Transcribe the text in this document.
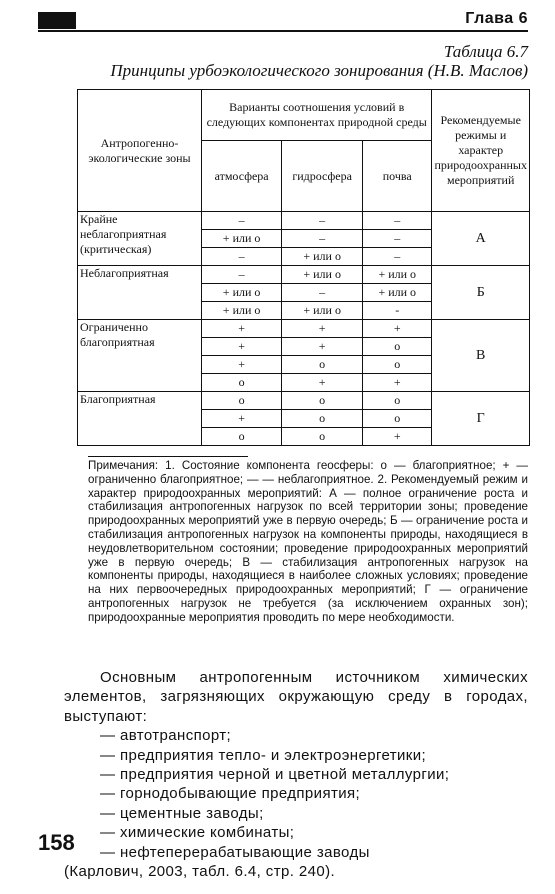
Глава 6
Таблица 6.7
Принципы урбоэкологического зонирования (Н.В. Маслов)
Антропогенно-экологические зоны	Варианты соотношения условий в следующих компонентах природной среды			Рекомендуемые режимы и характер природоохранных мероприятий
	атмосфера	гидросфера	почва	
Крайне неблагоприятная (критическая)	–	–	–	А
	+ или о	–	–	
	–	+ или о	–	
Неблагоприятная	–	+ или о	+ или о	Б
	+ или о	–	+ или о	
	+ или о	+ или о	-	
Ограниченно благоприятная	+	+	+	В
	+	+	о	
	+	о	о	
	о	+	+	
Благоприятная	о	о	о	Г
	+	о	о	
	о	о	+	
Примечания: 1. Состояние компонента геосферы: о — благоприятное; + — ограниченно благоприятное; — — неблагоприятное. 2. Рекомендуемый режим и характер природоохранных мероприятий: А — полное ограничение роста и стабилизация антропогенных нагрузок по всей территории зоны; проведение природоохранных мероприятий уже в первую очередь; Б — ограничение роста и стабилизация антропогенных нагрузок на компоненты природы, находящиеся в неудовлетворительном состоянии; проведение природоохранных мероприятий уже в первую очередь; В — стабилизация антропогенных нагрузок на компоненты природы, находящиеся в наиболее сложных условиях; проведение на них первоочередных природоохранных мероприятий; Г — ограничение антропогенных нагрузок не требуется (за исключением охранных зон); природоохранные мероприятия проводить по мере необходимости.
Основным антропогенным источником химических элементов, загрязняющих окружающую среду в городах, выступают:
— автотранспорт;
— предприятия тепло- и электроэнергетики;
— предприятия черной и цветной металлургии;
— горнодобывающие предприятия;
— цементные заводы;
— химические комбинаты;
— нефтеперерабатывающие заводы
(Карлович, 2003, табл. 6.4, стр. 240).
158
